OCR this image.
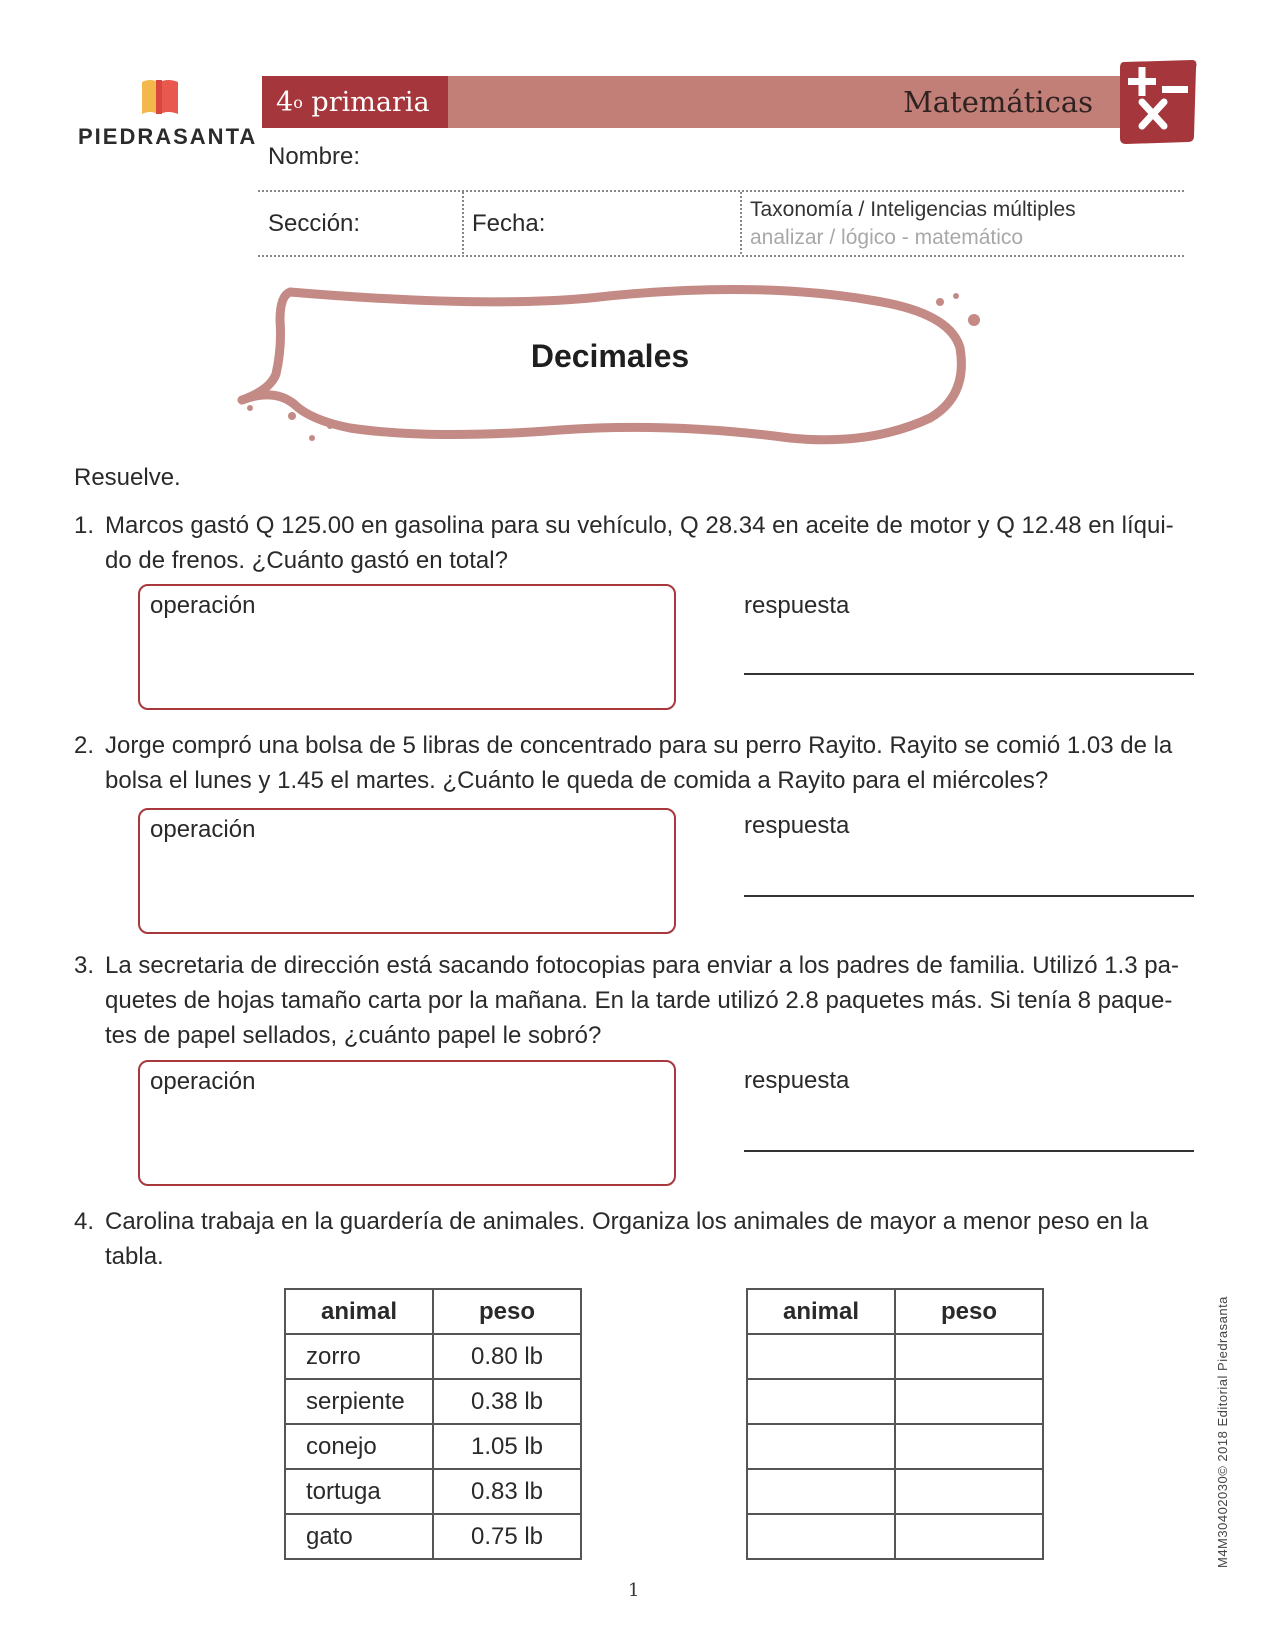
PIEDRASANTA
4 o
primaria	Matemáticas
Nombre:
Sección:	Fecha:
Taxonomía / Inteligencias múltiples
analizar / lógico - matemático
Decimales
Resuelve.
1. Marcos gastó Q 125.00 en gasolina para su vehículo, Q 28.34 en aceite de motor y Q 12.48 en líqui-
do de frenos. ¿Cuánto gastó en total?
operación	respuesta
2. Jorge compró una bolsa de 5 libras de concentrado para su perro Rayito. Rayito se comió 1.03 de la
bolsa el lunes y 1.45 el martes. ¿Cuánto le queda de comida a Rayito para el miércoles?
operación	respuesta
3. La secretaria de dirección está sacando fotocopias para enviar a los padres de familia. Utilizó 1.3 pa-
quetes de hojas tamaño carta por la mañana. En la tarde utilizó 2.8 paquetes más. Si tenía 8 paque-
tes de papel sellados, ¿cuánto papel le sobró?
operación	respuesta
4. Carolina trabaja en la guardería de animales. Organiza los animales de mayor a menor peso en la
tabla.
animal	peso
zorro	0.80 lb
serpiente	0.38 lb
conejo	1.05 lb
tortuga	0.83 lb
gato	0.75 lb
animal	peso

1
M4M30402030© 2018 Editorial Piedrasanta
